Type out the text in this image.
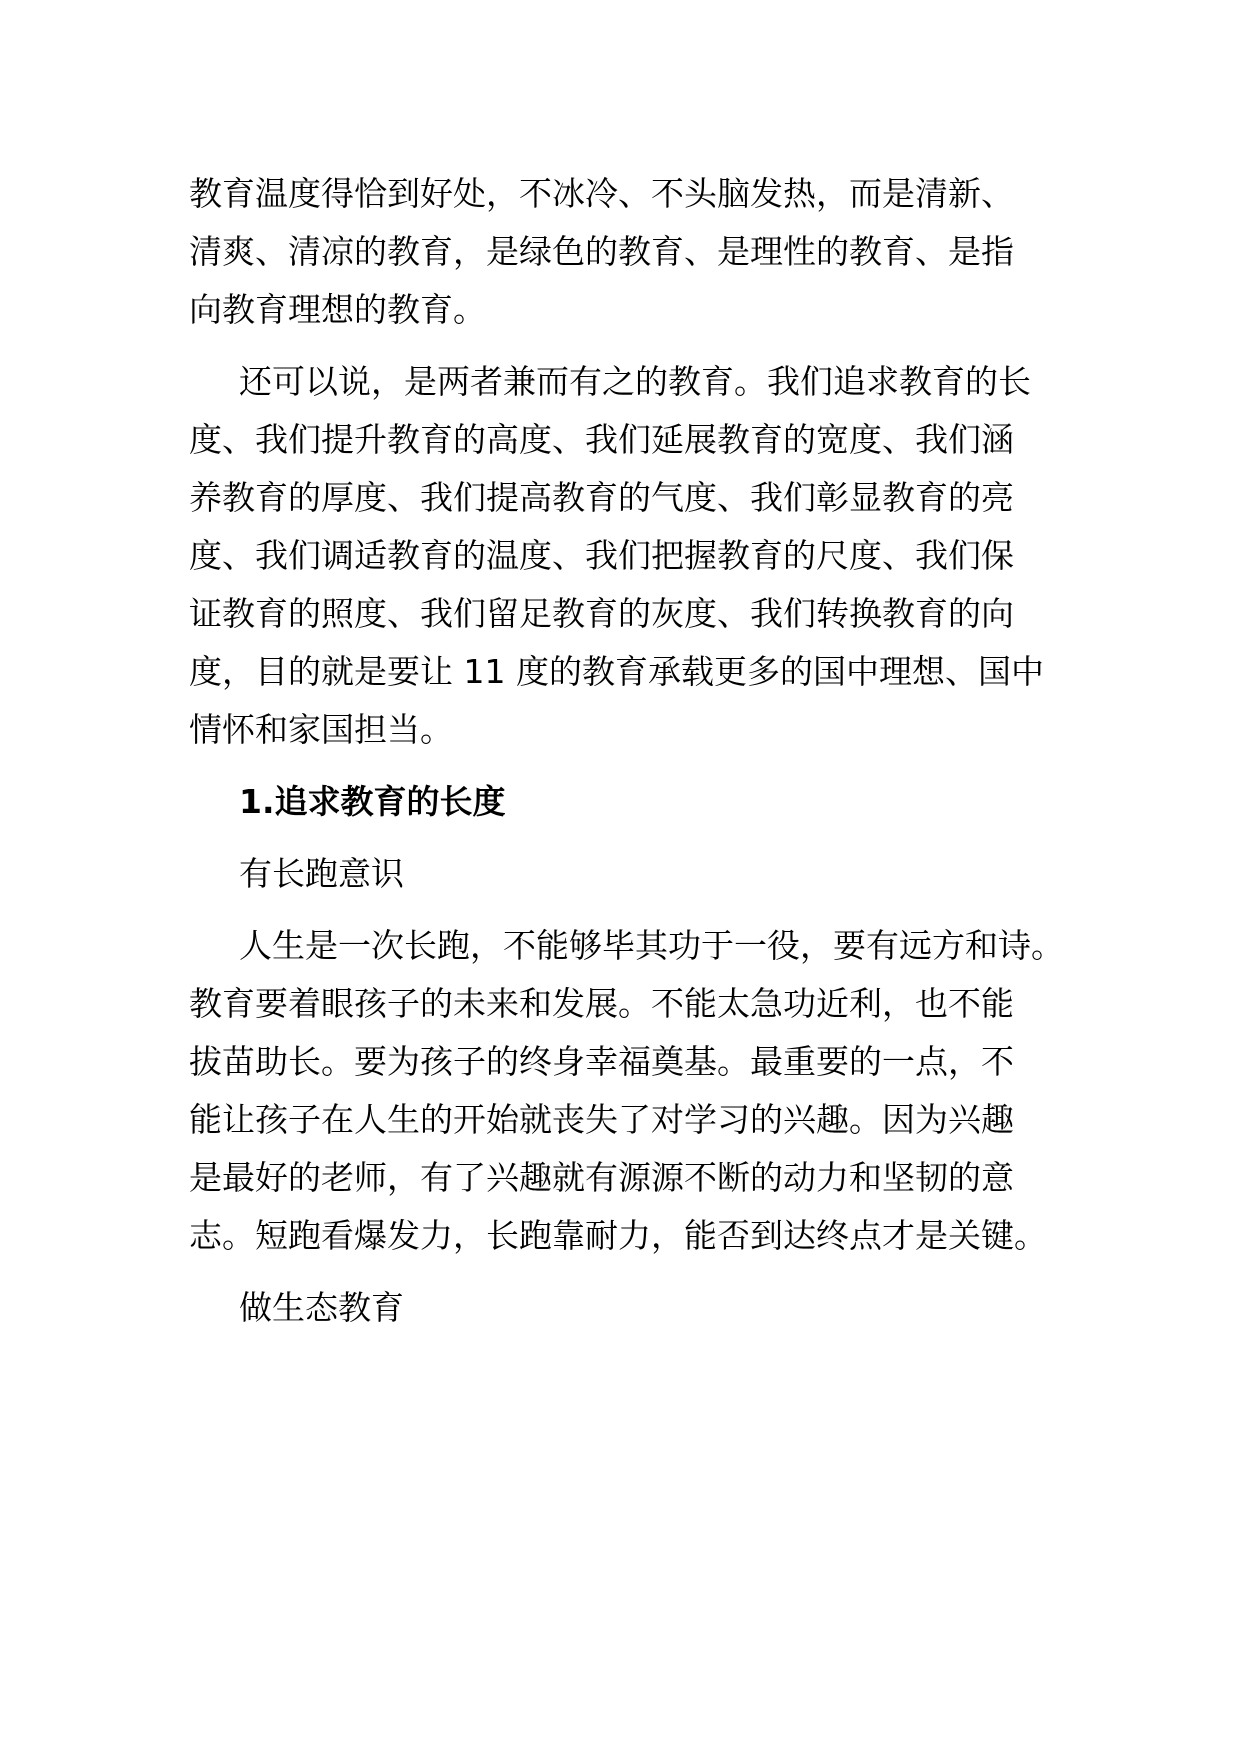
教育温度得恰到好处，不冰冷、不头脑发热，而是清新、
清爽、清凉的教育，是绿色的教育、是理性的教育、是指
向教育理想的教育。
还可以说，是两者兼而有之的教育。我们追求教育的长
度、我们提升教育的高度、我们延展教育的宽度、我们涵
养教育的厚度、我们提高教育的气度、我们彰显教育的亮
度、我们调适教育的温度、我们把握教育的尺度、我们保
证教育的照度、我们留足教育的灰度、我们转换教育的向
度，目的就是要让 11 度的教育承载更多的国中理想、国中
情怀和家国担当。
1.追求教育的长度
有长跑意识
人生是一次长跑，不能够毕其功于一役，要有远方和诗。
教育要着眼孩子的未来和发展。不能太急功近利，也不能
拔苗助长。要为孩子的终身幸福奠基。最重要的一点，不
能让孩子在人生的开始就丧失了对学习的兴趣。因为兴趣
是最好的老师，有了兴趣就有源源不断的动力和坚韧的意
志。短跑看爆发力，长跑靠耐力，能否到达终点才是关键。
做生态教育
